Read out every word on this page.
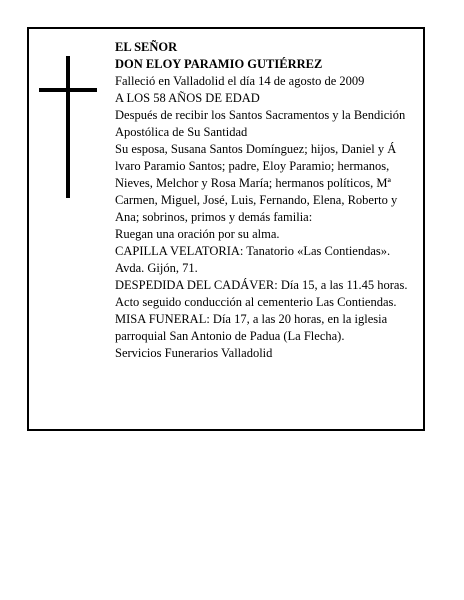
EL SEÑOR

DON ELOY PARAMIO GUTIÉRREZ

Falleció en Valladolid el día 14 de agosto de 2009

A LOS 58 AÑOS DE EDAD

Después de recibir los Santos Sacramentos y la Bendición Apostólica de Su Santidad

Su esposa, Susana Santos Domínguez; hijos, Daniel y Á lvaro Paramio Santos; padre, Eloy Paramio; hermanos, Nieves, Melchor y Rosa María; hermanos políticos, Mª Carmen, Miguel, José, Luis, Fernando, Elena, Roberto y Ana; sobrinos, primos y demás familia:

Ruegan una oración por su alma.

CAPILLA VELATORIA: Tanatorio «Las Contiendas». Avda. Gijón, 71.

DESPEDIDA DEL CADÁVER: Día 15, a las 11.45 horas. Acto seguido conducción al cementerio Las Contiendas.

MISA FUNERAL: Día 17, a las 20 horas, en la iglesia parroquial San Antonio de Padua (La Flecha).

Servicios Funerarios Valladolid
